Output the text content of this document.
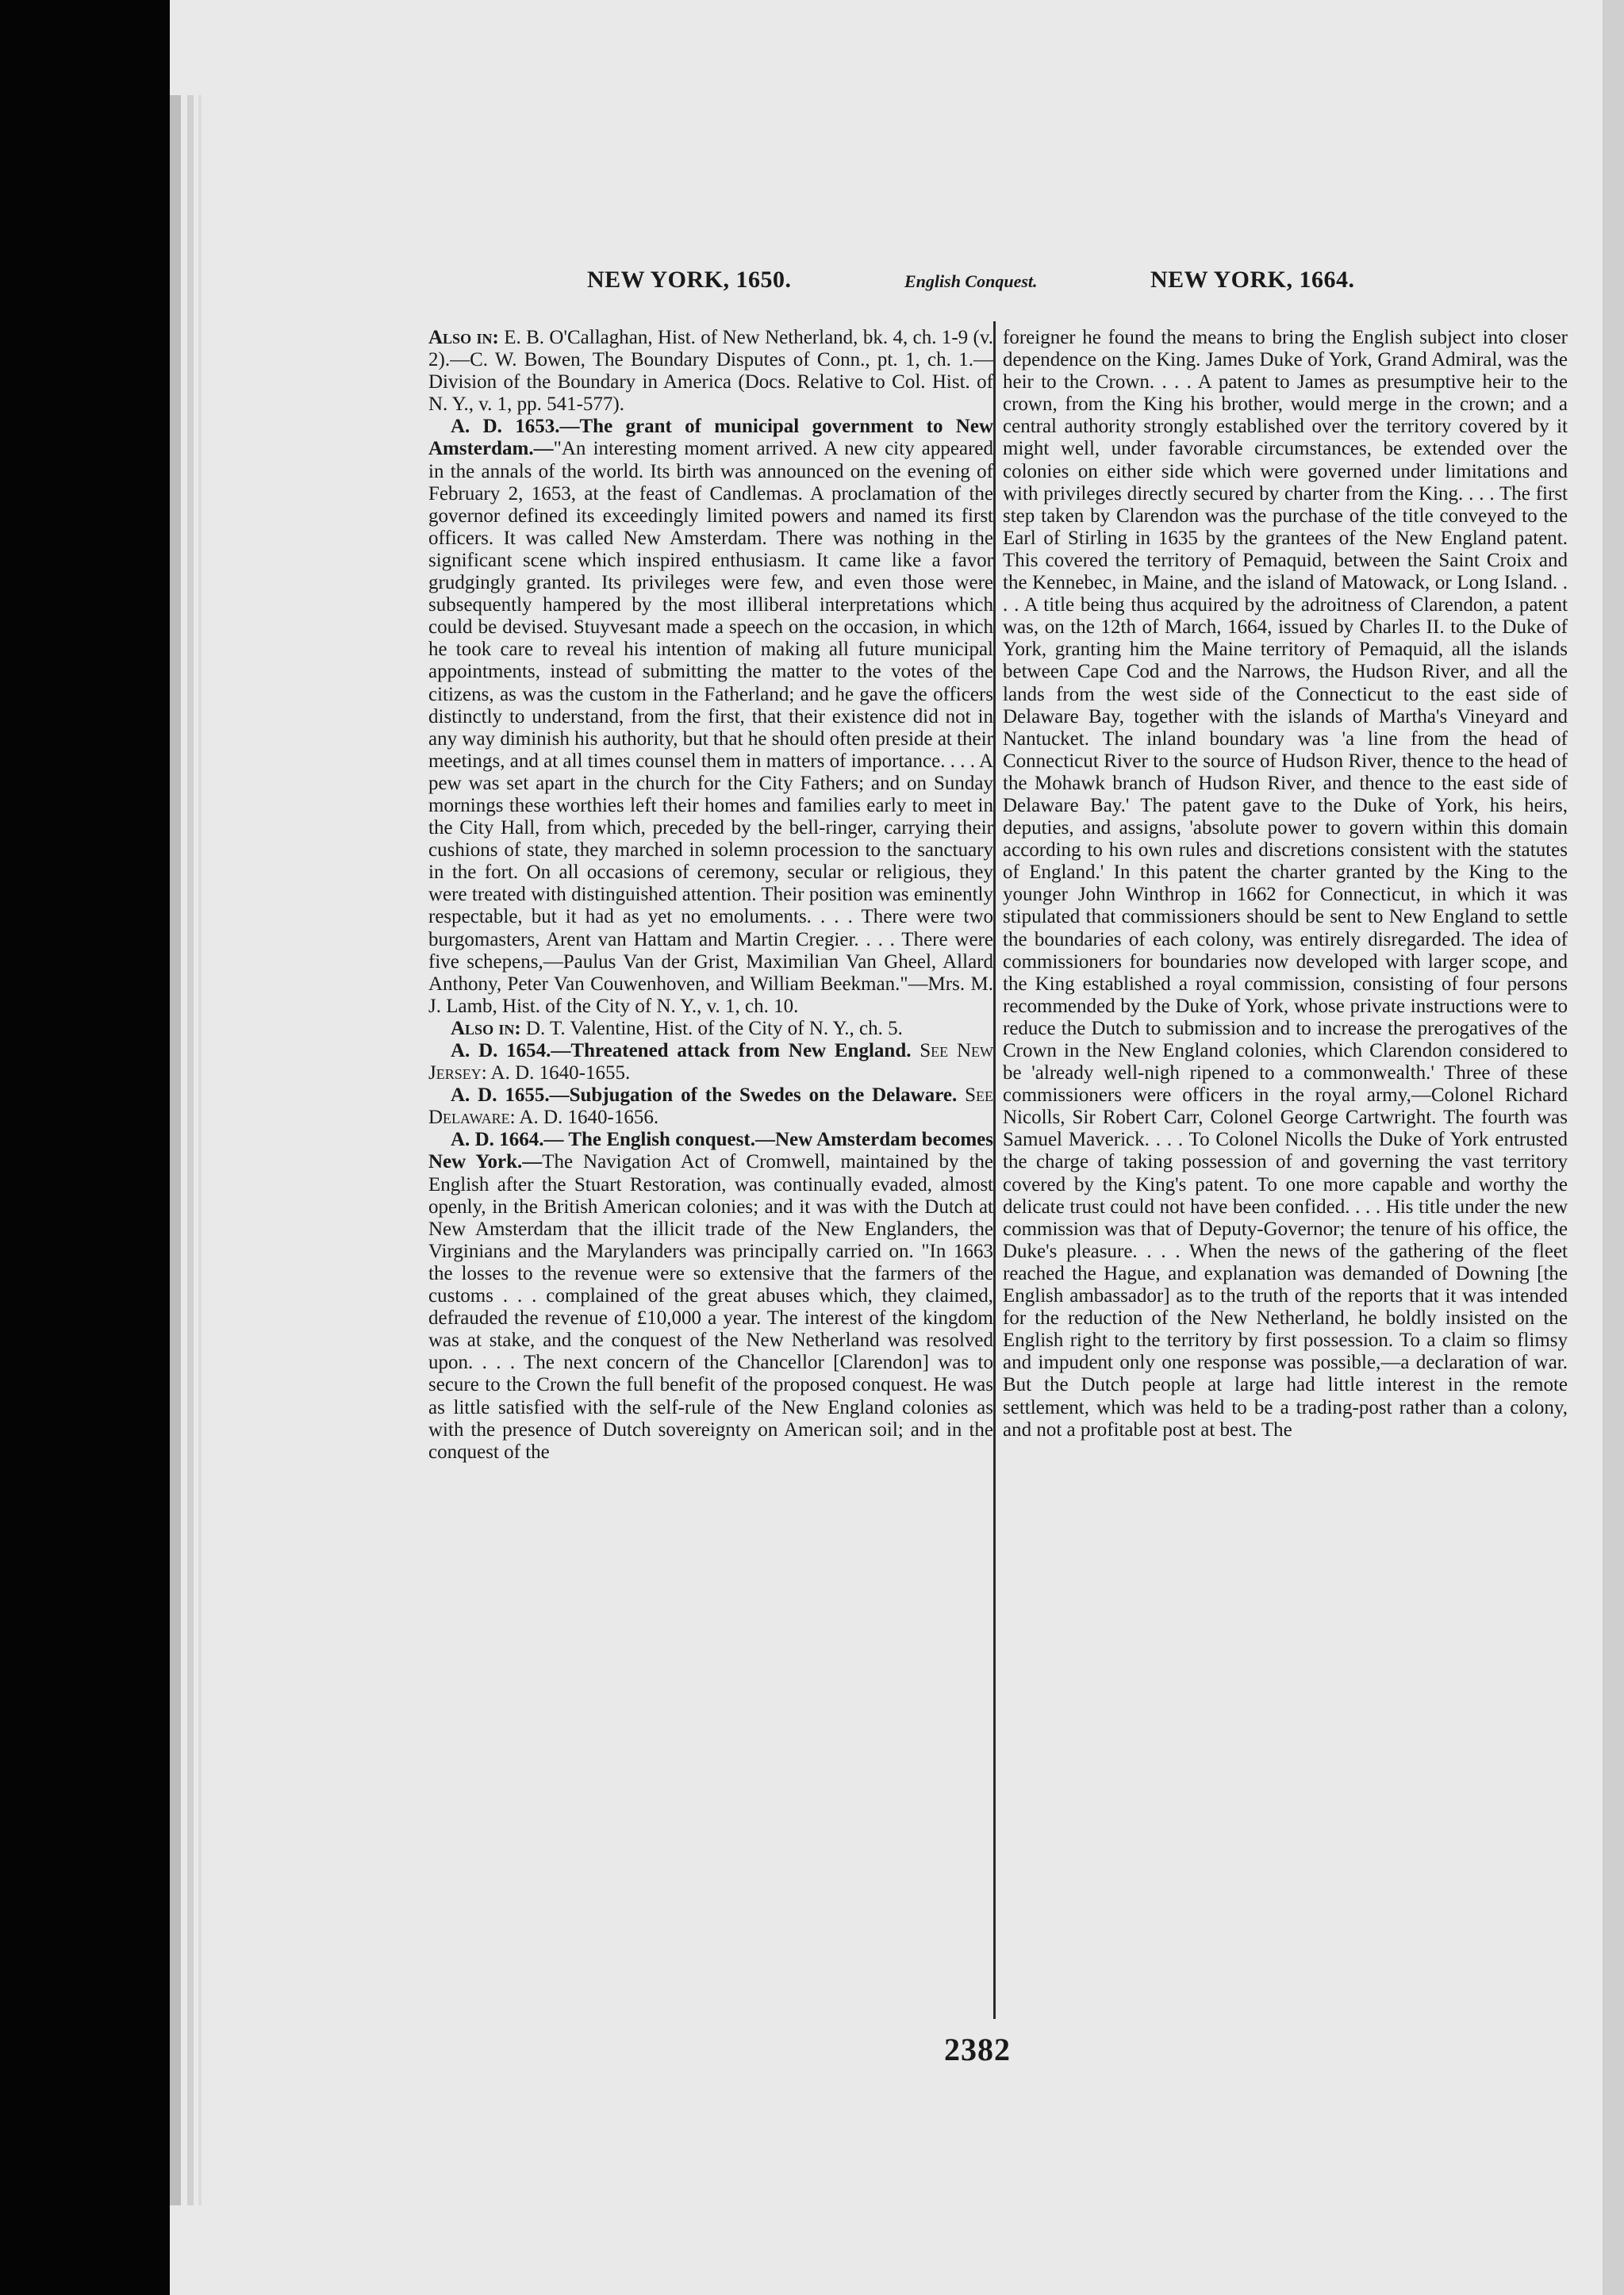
NEW YORK, 1650.	English Conquest.	NEW YORK, 1664.

Also in: E. B. O'Callaghan, Hist. of New Netherland, bk. 4, ch. 1-9 (v. 2).—C. W. Bowen, The Boundary Disputes of Conn., pt. 1, ch. 1.—Division of the Boundary in America (Docs. Relative to Col. Hist. of N. Y., v. 1, pp. 541-577).

A. D. 1653.—The grant of municipal government to New Amsterdam.—"An interesting moment arrived. A new city appeared in the annals of the world. Its birth was announced on the evening of February 2, 1653, at the feast of Candlemas. A proclamation of the governor defined its exceedingly limited powers and named its first officers. It was called New Amsterdam. There was nothing in the significant scene which inspired enthusiasm. It came like a favor grudgingly granted. Its privileges were few, and even those were subsequently hampered by the most illiberal interpretations which could be devised. Stuyvesant made a speech on the occasion, in which he took care to reveal his intention of making all future municipal appointments, instead of submitting the matter to the votes of the citizens, as was the custom in the Fatherland; and he gave the officers distinctly to understand, from the first, that their existence did not in any way diminish his authority, but that he should often preside at their meetings, and at all times counsel them in matters of importance. . . . A pew was set apart in the church for the City Fathers; and on Sunday mornings these worthies left their homes and families early to meet in the City Hall, from which, preceded by the bell-ringer, carrying their cushions of state, they marched in solemn procession to the sanctuary in the fort. On all occasions of ceremony, secular or religious, they were treated with distinguished attention. Their position was eminently respectable, but it had as yet no emoluments. . . . There were two burgomasters, Arent van Hattam and Martin Cregier. . . . There were five schepens,—Paulus Van der Grist, Maximilian Van Gheel, Allard Anthony, Peter Van Couwenhoven, and William Beekman."—Mrs. M. J. Lamb, Hist. of the City of N. Y., v. 1, ch. 10.

Also in: D. T. Valentine, Hist. of the City of N. Y., ch. 5.

A. D. 1654.—Threatened attack from New England. See New Jersey: A. D. 1640-1655.

A. D. 1655.—Subjugation of the Swedes on the Delaware. See Delaware: A. D. 1640-1656.

A. D. 1664.— The English conquest.—New Amsterdam becomes New York.—The Navigation Act of Cromwell, maintained by the English after the Stuart Restoration, was continually evaded, almost openly, in the British American colonies; and it was with the Dutch at New Amsterdam that the illicit trade of the New Englanders, the Virginians and the Marylanders was principally carried on. "In 1663 the losses to the revenue were so extensive that the farmers of the customs . . . complained of the great abuses which, they claimed, defrauded the revenue of £10,000 a year. The interest of the kingdom was at stake, and the conquest of the New Netherland was resolved upon. . . . The next concern of the Chancellor [Clarendon] was to secure to the Crown the full benefit of the proposed conquest. He was as little satisfied with the self-rule of the New England colonies as with the presence of Dutch sovereignty on American soil; and in the conquest of the

foreigner he found the means to bring the English subject into closer dependence on the King. James Duke of York, Grand Admiral, was the heir to the Crown. . . . A patent to James as presumptive heir to the crown, from the King his brother, would merge in the crown; and a central authority strongly established over the territory covered by it might well, under favorable circumstances, be extended over the colonies on either side which were governed under limitations and with privileges directly secured by charter from the King. . . . The first step taken by Clarendon was the purchase of the title conveyed to the Earl of Stirling in 1635 by the grantees of the New England patent. This covered the territory of Pemaquid, between the Saint Croix and the Kennebec, in Maine, and the island of Matowack, or Long Island. . . . A title being thus acquired by the adroitness of Clarendon, a patent was, on the 12th of March, 1664, issued by Charles II. to the Duke of York, granting him the Maine territory of Pemaquid, all the islands between Cape Cod and the Narrows, the Hudson River, and all the lands from the west side of the Connecticut to the east side of Delaware Bay, together with the islands of Martha's Vineyard and Nantucket. The inland boundary was 'a line from the head of Connecticut River to the source of Hudson River, thence to the head of the Mohawk branch of Hudson River, and thence to the east side of Delaware Bay.' The patent gave to the Duke of York, his heirs, deputies, and assigns, 'absolute power to govern within this domain according to his own rules and discretions consistent with the statutes of England.' In this patent the charter granted by the King to the younger John Winthrop in 1662 for Connecticut, in which it was stipulated that commissioners should be sent to New England to settle the boundaries of each colony, was entirely disregarded. The idea of commissioners for boundaries now developed with larger scope, and the King established a royal commission, consisting of four persons recommended by the Duke of York, whose private instructions were to reduce the Dutch to submission and to increase the prerogatives of the Crown in the New England colonies, which Clarendon considered to be 'already well-nigh ripened to a commonwealth.' Three of these commissioners were officers in the royal army,—Colonel Richard Nicolls, Sir Robert Carr, Colonel George Cartwright. The fourth was Samuel Maverick. . . . To Colonel Nicolls the Duke of York entrusted the charge of taking possession of and governing the vast territory covered by the King's patent. To one more capable and worthy the delicate trust could not have been confided. . . . His title under the new commission was that of Deputy-Governor; the tenure of his office, the Duke's pleasure. . . . When the news of the gathering of the fleet reached the Hague, and explanation was demanded of Downing [the English ambassador] as to the truth of the reports that it was intended for the reduction of the New Netherland, he boldly insisted on the English right to the territory by first possession. To a claim so flimsy and impudent only one response was possible,—a declaration of war. But the Dutch people at large had little interest in the remote settlement, which was held to be a trading-post rather than a colony, and not a profitable post at best. The

2382
